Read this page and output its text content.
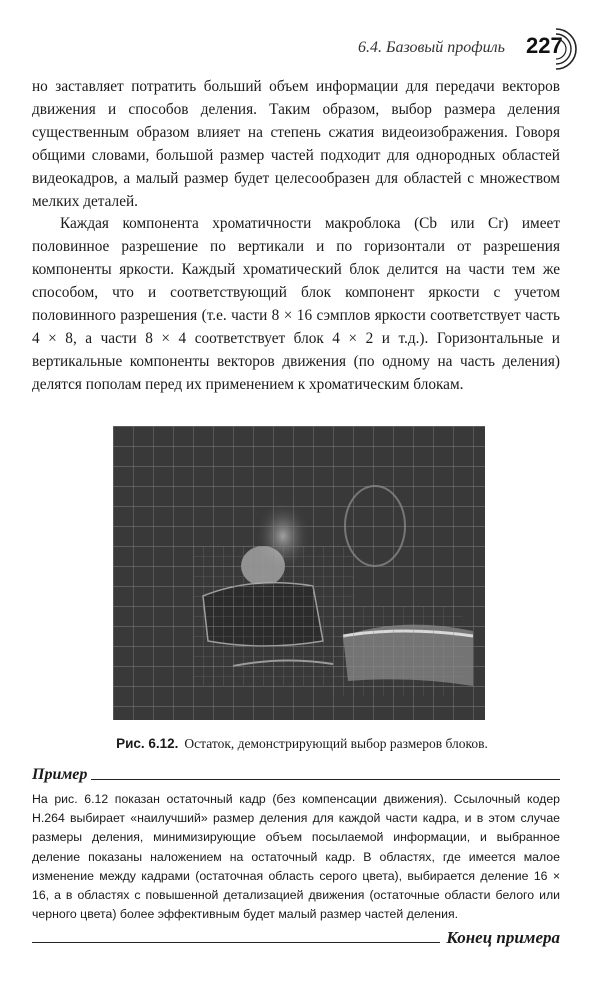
6.4. Базовый профиль 227

но заставляет потратить больший объем информации для передачи векторов движения и способов деления. Таким образом, выбор размера деления существенным образом влияет на степень сжатия видеоизображения. Говоря общими словами, большой размер частей подходит для однородных областей видеокадров, а малый размер будет целесообразен для областей с множеством мелких деталей.

Каждая компонента хроматичности макроблока (Cb или Cr) имеет половинное разрешение по вертикали и по горизонтали от разрешения компоненты яркости. Каждый хроматический блок делится на части тем же способом, что и соответствующий блок компонент яркости с учетом половинного разрешения (т.е. части 8 × 16 сэмплов яркости соответствует часть 4 × 8, а части 8 × 4 соответствует блок 4 × 2 и т.д.). Горизонтальные и вертикальные компоненты векторов движения (по одному на часть деления) делятся пополам перед их применением к хроматическим блокам.

Рис. 6.12. Остаток, демонстрирующий выбор размеров блоков.
Пример

На рис. 6.12 показан остаточный кадр (без компенсации движения). Ссылочный кодер H.264 выбирает «наилучший» размер деления для каждой части кадра, и в этом случае размеры деления, минимизирующие объем посылаемой информации, и выбранное деление показаны наложением на остаточный кадр. В областях, где имеется малое изменение между кадрами (остаточная область серого цвета), выбирается деление 16 × 16, а в областях с повышенной детализацией движения (остаточные области белого или черного цвета) более эффективным будет малый размер частей деления.

Конец примера
